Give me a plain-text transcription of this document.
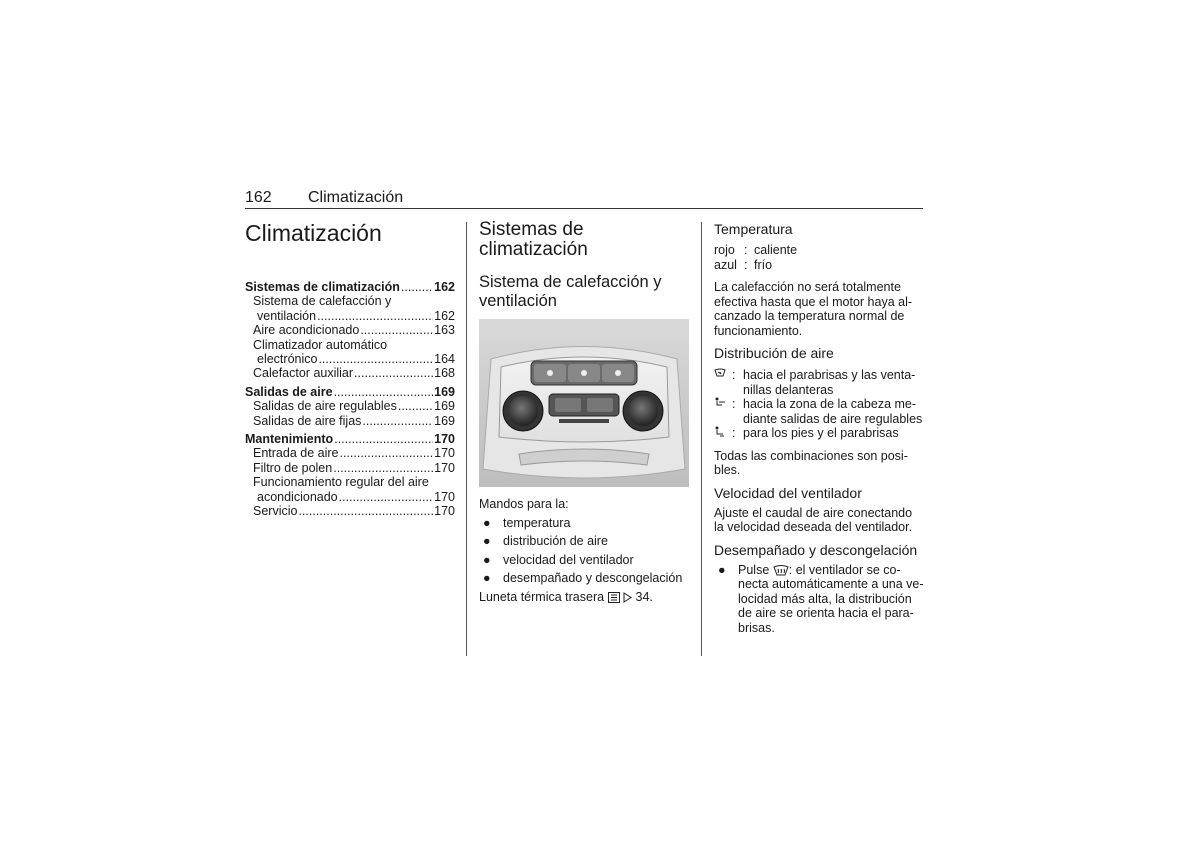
162 Climatización
Climatización
Sistemas de climatización .....	162
Sistema de calefacción y
ventilación .....	162
Aire acondicionado .....	163
Climatizador automático
electrónico .....	164
Calefactor auxiliar .....	168
Salidas de aire .....	169
Salidas de aire regulables .....	169
Salidas de aire fijas .....	169
Mantenimiento .....	170
Entrada de aire .....	170
Filtro de polen .....	170
Funcionamiento regular del aire
acondicionado .....	170
Servicio .....	170
Sistemas de
climatización
Sistema de calefacción y
ventilación

Mandos para la:

● temperatura
● distribución de aire
● velocidad del ventilador
● desempañado y descongelación

Luneta térmica trasera	34.

Temperatura
rojo : caliente
azul : frío

La calefacción no será totalmente
efectiva hasta que el motor haya al-
canzado la temperatura normal de
funcionamiento.

Distribución de aire
: hacia el parabrisas y las venta-
nillas delanteras
: hacia la zona de la cabeza me-
diante salidas de aire regulables
: para los pies y el parabrisas

Todas las combinaciones son posi-
bles.

Velocidad del ventilador

Ajuste el caudal de aire conectando
la velocidad deseada del ventilador.

Desempañado y descongelación
● Pulse : el ventilador se co-
necta automáticamente a una ve-
locidad más alta, la distribución
de aire se orienta hacia el para-
brisas.
